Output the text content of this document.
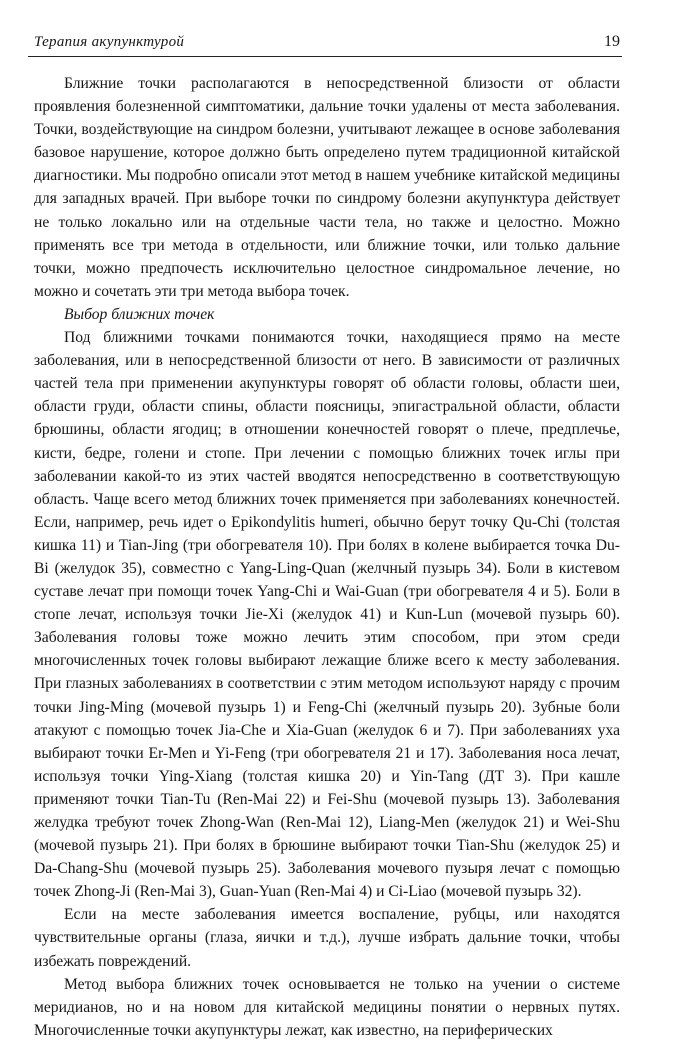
Терапия акупунктурой	19

Ближние точки располагаются в непосредственной близости от области проявления болезненной симптоматики, дальние точки удалены от места заболевания. Точки, воздействующие на синдром болезни, учитывают лежащее в основе заболевания базовое нарушение, которое должно быть определено путем традиционной китайской диагностики. Мы подробно описали этот метод в нашем учебнике китайской медицины для западных врачей. При выборе точки по синдрому болезни акупунктура действует не только локально или на отдельные части тела, но также и целостно. Можно применять все три метода в отдельности, или ближние точки, или только дальние точки, можно предпочесть исключительно целостное синдромальное лечение, но можно и сочетать эти три метода выбора точек.

Выбор ближних точек

Под ближними точками понимаются точки, находящиеся прямо на месте заболевания, или в непосредственной близости от него. В зависимости от различных частей тела при применении акупунктуры говорят об области головы, области шеи, области груди, области спины, области поясницы, эпигастральной области, области брюшины, области ягодиц; в отношении конечностей говорят о плече, предплечье, кисти, бедре, голени и стопе. При лечении с помощью ближних точек иглы при заболевании какой-то из этих частей вводятся непосредственно в соответствующую область. Чаще всего метод ближних точек применяется при заболеваниях конечностей. Если, например, речь идет о Epikondylitis humeri, обычно берут точку Qu-Chi (толстая кишка 11) и Tian-Jing (три обогревателя 10). При болях в колене выбирается точка Du-Bi (желудок 35), совместно с Yang-Ling-Quan (желчный пузырь 34). Боли в кистевом суставе лечат при помощи точек Yang-Chi и Wai-Guan (три обогревателя 4 и 5). Боли в стопе лечат, используя точки Jie-Xi (желудок 41) и Kun-Lun (мочевой пузырь 60). Заболевания головы тоже можно лечить этим способом, при этом среди многочисленных точек головы выбирают лежащие ближе всего к месту заболевания. При глазных заболеваниях в соответствии с этим методом используют наряду с прочим точки Jing-Ming (мочевой пузырь 1) и Feng-Chi (желчный пузырь 20). Зубные боли атакуют с помощью точек Jia-Che и Xia-Guan (желудок 6 и 7). При заболеваниях уха выбирают точки Er-Men и Yi-Feng (три обогревателя 21 и 17). Заболевания носа лечат, используя точки Ying-Xiang (толстая кишка 20) и Yin-Tang (ДТ 3). При кашле применяют точки Tian-Tu (Ren-Mai 22) и Fei-Shu (мочевой пузырь 13). Заболевания желудка требуют точек Zhong-Wan (Ren-Mai 12), Liang-Men (желудок 21) и Wei-Shu (мочевой пузырь 21). При болях в брюшине выбирают точки Tian-Shu (желудок 25) и Da-Chang-Shu (мочевой пузырь 25). Заболевания мочевого пузыря лечат с помощью точек Zhong-Ji (Ren-Mai 3), Guan-Yuan (Ren-Mai 4) и Ci-Liao (мочевой пузырь 32).

Если на месте заболевания имеется воспаление, рубцы, или находятся чувствительные органы (глаза, яички и т.д.), лучше избрать дальние точки, чтобы избежать повреждений.

Метод выбора ближних точек основывается не только на учении о системе меридианов, но и на новом для китайской медицины понятии о нервных путях. Многочисленные точки акупунктуры лежат, как известно, на периферических
